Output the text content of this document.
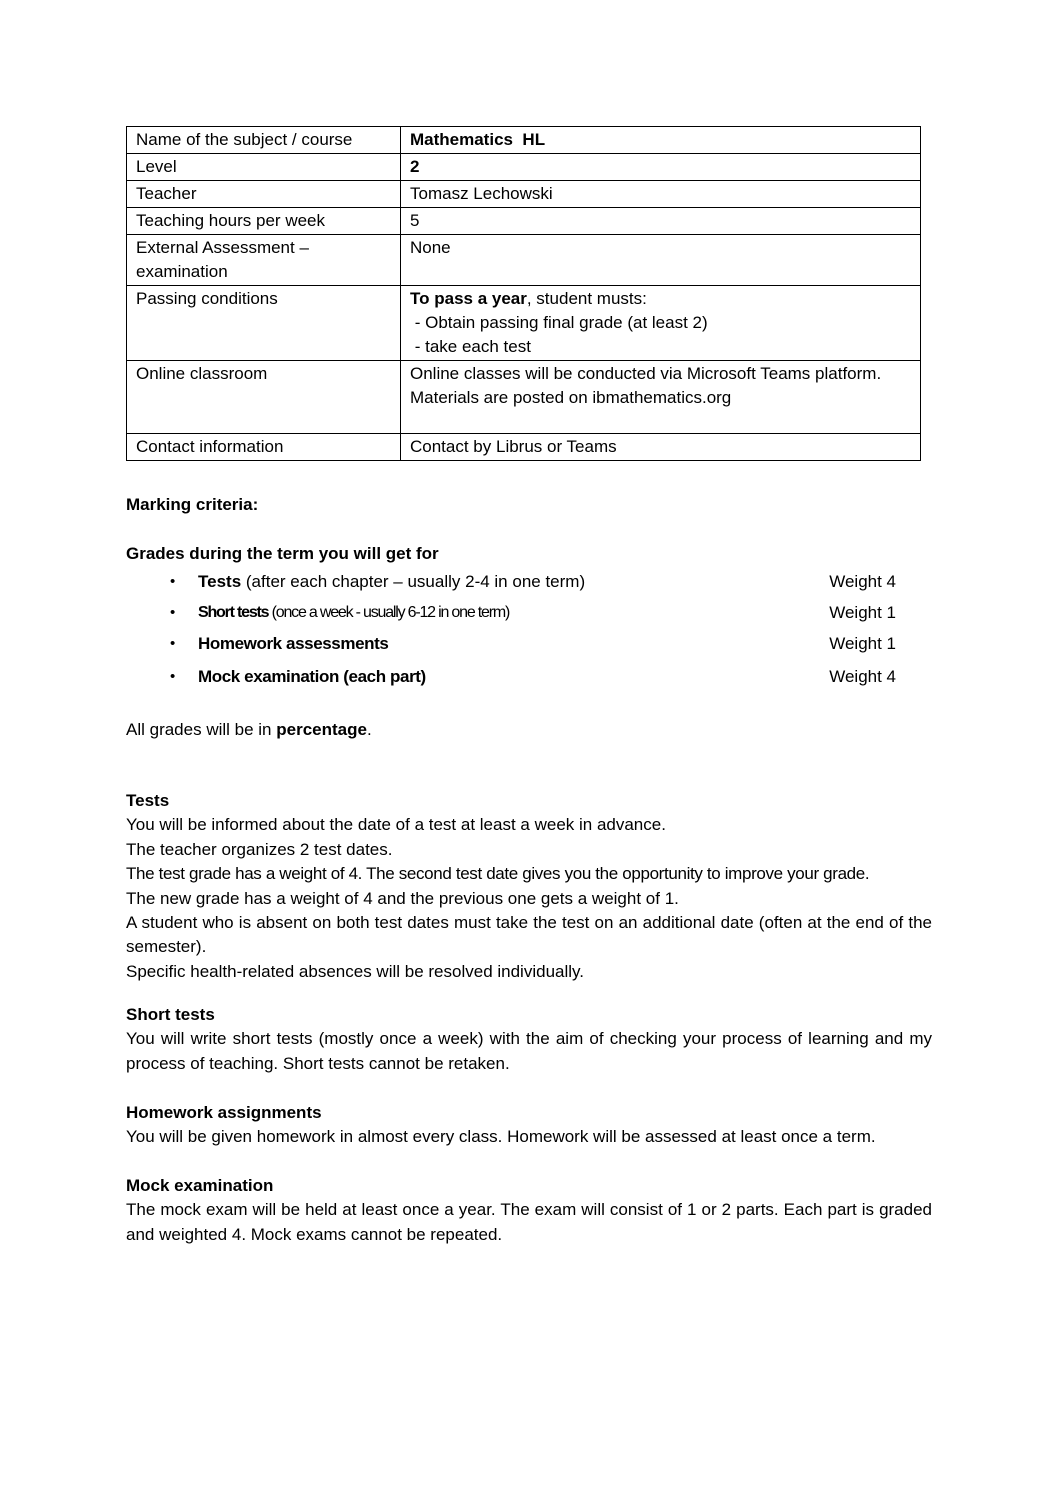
Name of the subject / course	Mathematics  HL
Level	2
Teacher	Tomasz Lechowski
Teaching hours per week	5

External Assessment –
examination	None
Passing conditions	To pass a year, student musts:
- Obtain passing final grade (at least 2)
- take each test

Online classroom	Online classes will be conducted via Microsoft Teams platform.
Materials are posted on ibmathematics.org

Contact information	Contact by Librus or Teams
Marking criteria:
Grades during the term you will get for
• Tests (after each chapter – usually 2-4 in one term)	Weight 4
• Short tests (once a week - usually 6-12 in one term)	Weight 1
• Homework assessments	Weight 1
• Mock examination (each part)	Weight 4
All grades will be in percentage.
Tests
You will be informed about the date of a test at least a week in advance.
The teacher organizes 2 test dates.
The test grade has a weight of 4. The second test date gives you the opportunity to improve your grade.
The new grade has a weight of 4 and the previous one gets a weight of 1.
A student who is absent on both test dates must take the test on an additional date (often at the end of the semester).
Specific health-related absences will be resolved individually.
Short tests
You will write short tests (mostly once a week) with the aim of checking your process of learning and my process of teaching. Short tests cannot be retaken.
Homework assignments
You will be given homework in almost every class. Homework will be assessed at least once a term.
Mock examination
The mock exam will be held at least once a year. The exam will consist of 1 or 2 parts. Each part is graded and weighted 4. Mock exams cannot be repeated.
